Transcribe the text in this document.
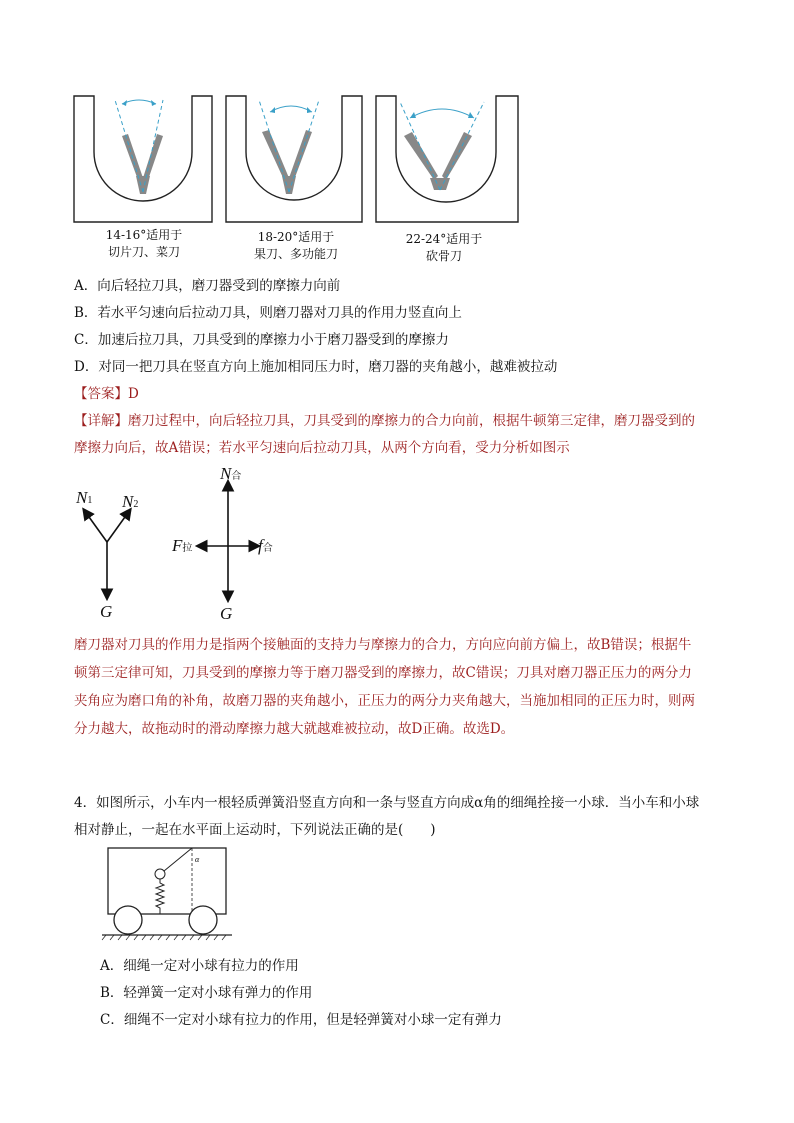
14-16°适用于
切片刀、菜刀
18-20°适用于
果刀、多功能刀
22-24°适用于
砍骨刀
A．向后轻拉刀具，磨刀器受到的摩擦力向前
B．若水平匀速向后拉动刀具，则磨刀器对刀具的作用力竖直向上
C．加速后拉刀具，刀具受到的摩擦力小于磨刀器受到的摩擦力
D．对同一把刀具在竖直方向上施加相同压力时，磨刀器的夹角越小，越难被拉动
【答案】D
【详解】磨刀过程中，向后轻拉刀具，刀具受到的摩擦力的合力向前，根据牛顿第三定律，磨刀器受到的
摩擦力向后，故A错误；若水平匀速向后拉动刀具，从两个方向看，受力分析如图示
N1 N2
G
N合
F拉	f合
G
磨刀器对刀具的作用力是指两个接触面的支持力与摩擦力的合力，方向应向前方偏上，故B错误；根据牛
顿第三定律可知，刀具受到的摩擦力等于磨刀器受到的摩擦力，故C错误；刀具对磨刀器正压力的两分力
夹角应为磨口角的补角，故磨刀器的夹角越小，正压力的两分力夹角越大，当施加相同的正压力时，则两
分力越大，故拖动时的滑动摩擦力越大就越难被拉动，故D正确。故选D。
4．如图所示，小车内一根轻质弹簧沿竖直方向和一条与竖直方向成α角的细绳拴接一小球．当小车和小球
相对静止，一起在水平面上运动时，下列说法正确的是(　　)
α
A．细绳一定对小球有拉力的作用
B．轻弹簧一定对小球有弹力的作用
C．细绳不一定对小球有拉力的作用，但是轻弹簧对小球一定有弹力
